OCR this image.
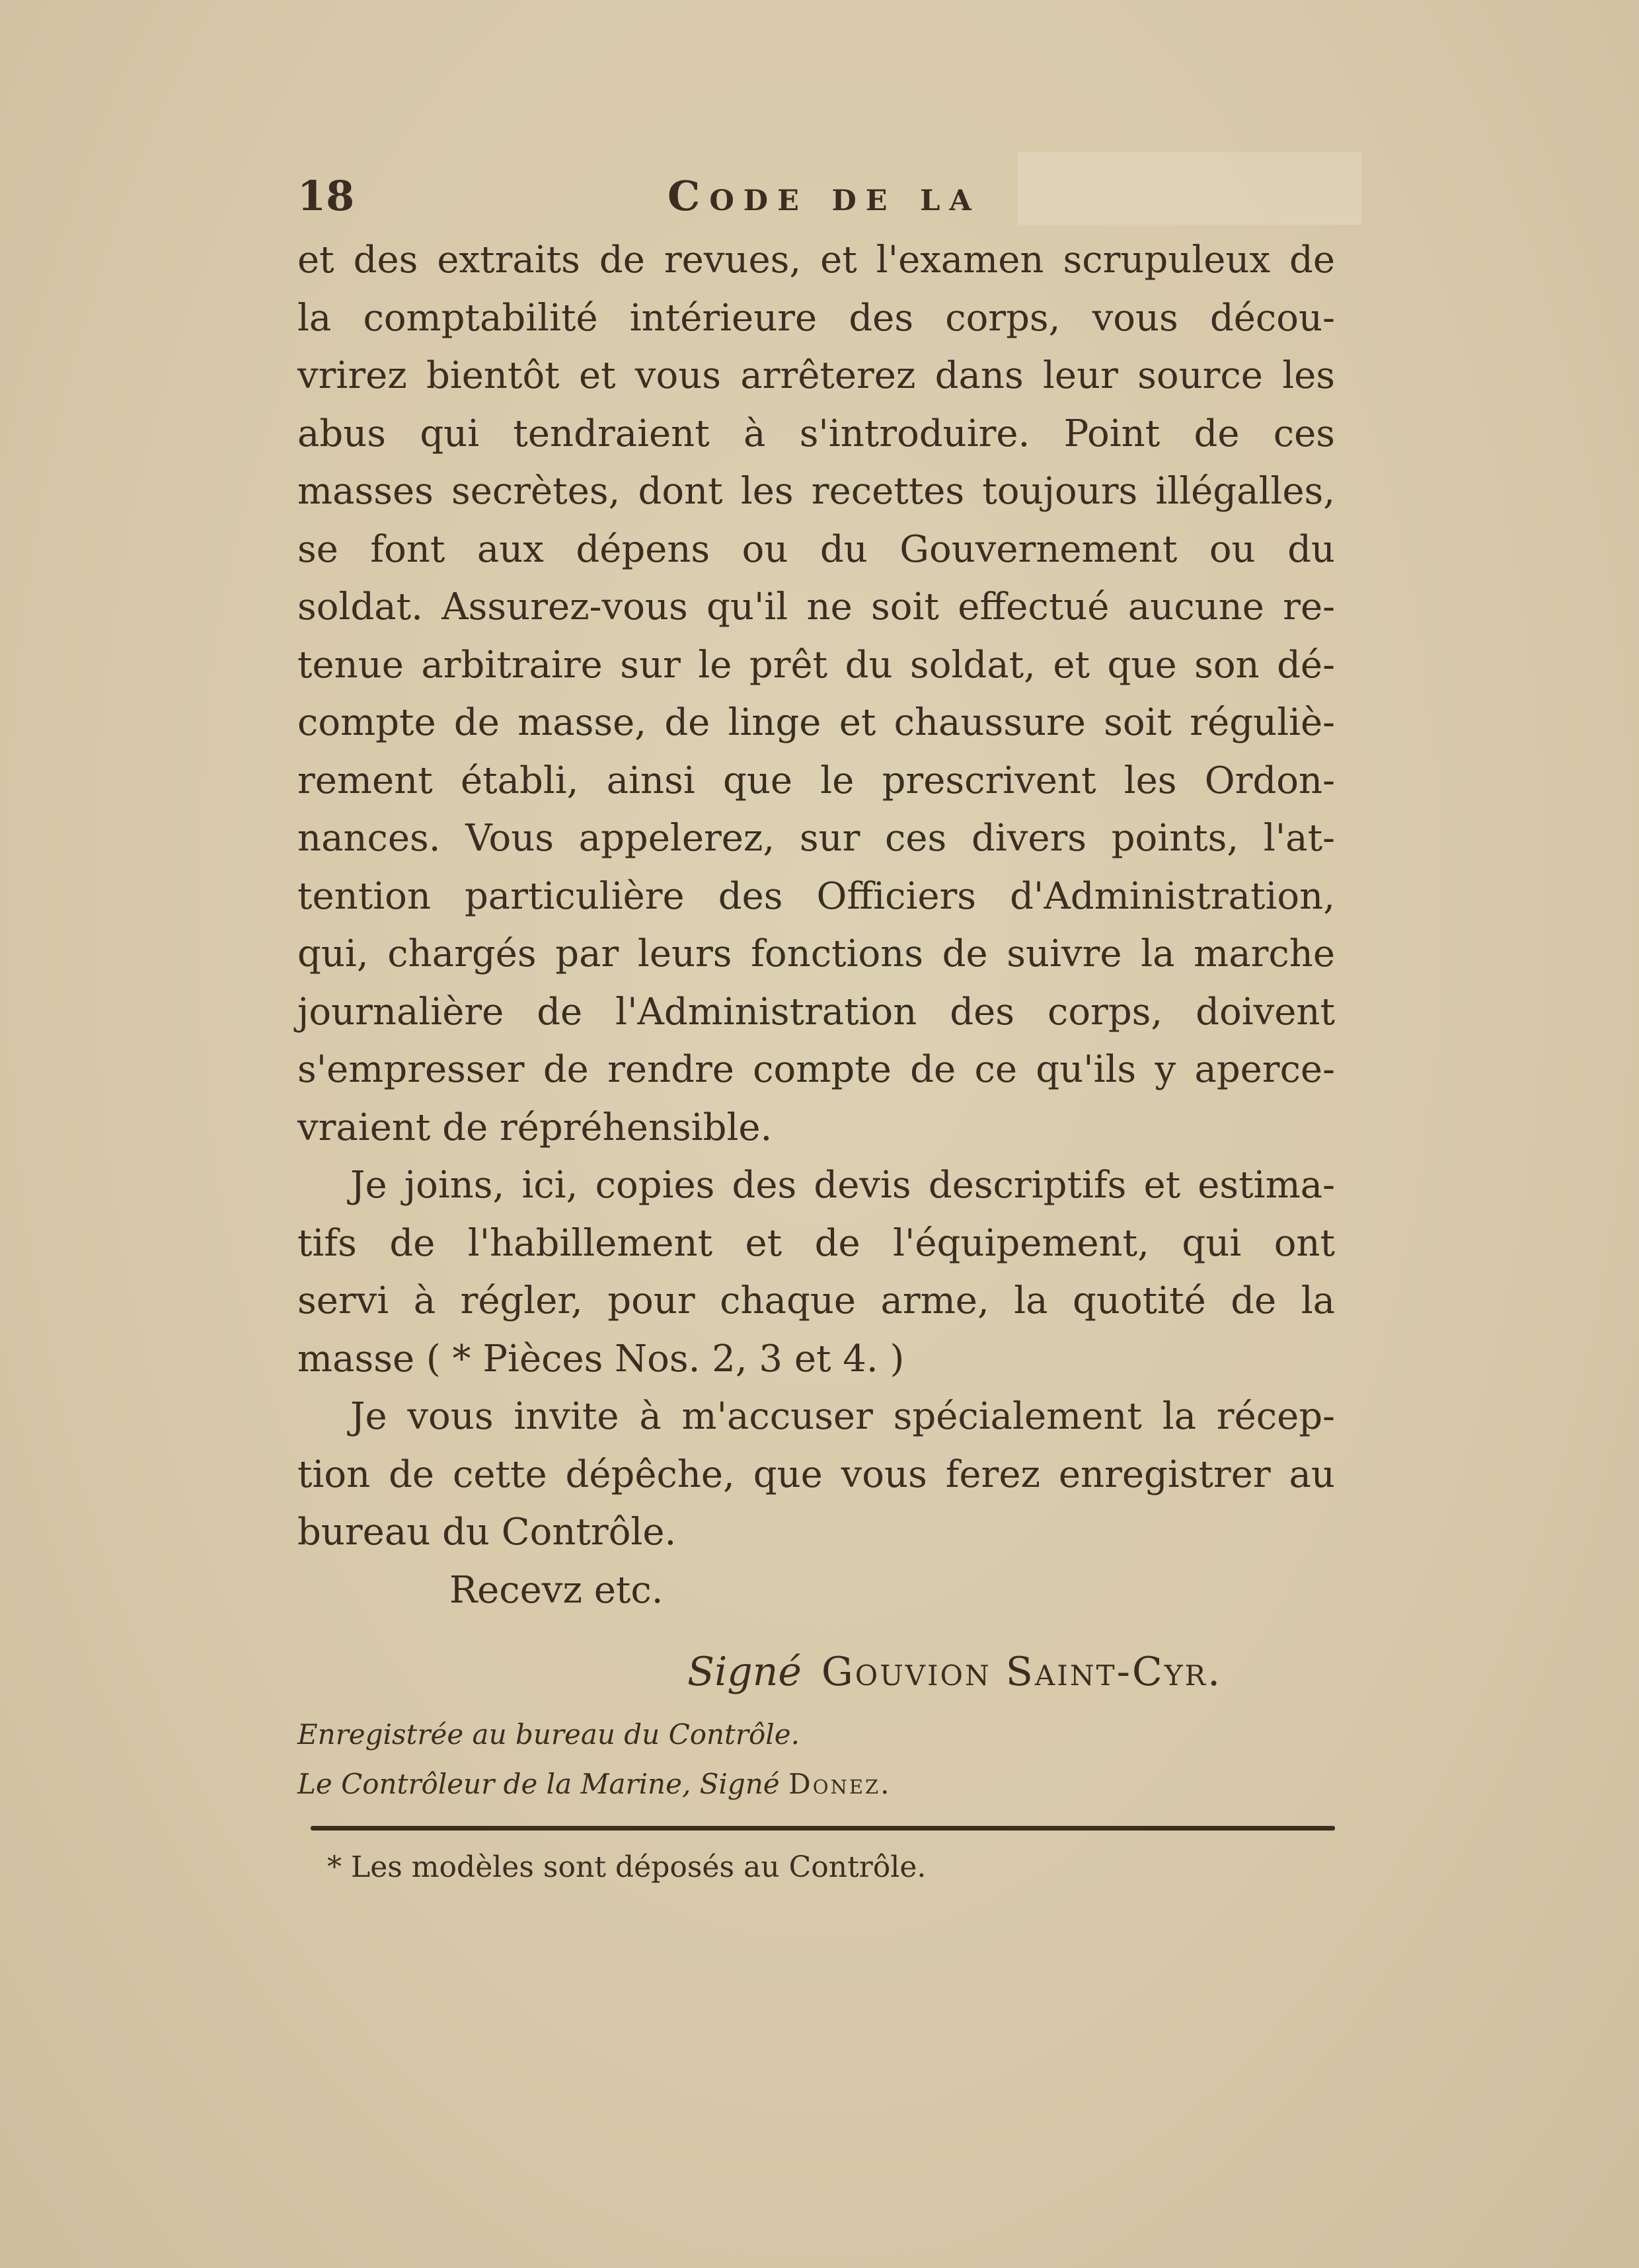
18	Code de la
et des extraits de revues, et l'examen scrupuleux de
la comptabilité intérieure des corps, vous décou-
vrirez bientôt et vous arrêterez dans leur source les
abus qui tendraient à s'introduire. Point de ces
masses secrètes, dont les recettes toujours illégalles,
se font aux dépens ou du Gouvernement ou du
soldat. Assurez-vous qu'il ne soit effectué aucune re-
tenue arbitraire sur le prêt du soldat, et que son dé-
compte de masse, de linge et chaussure soit réguliè-
rement établi, ainsi que le prescrivent les Ordon-
nances. Vous appelerez, sur ces divers points, l'at-
tention particulière des Officiers d'Administration,
qui, chargés par leurs fonctions de suivre la marche
journalière de l'Administration des corps, doivent
s'empresser de rendre compte de ce qu'ils y aperce-
vraient de répréhensible.
Je joins, ici, copies des devis descriptifs et estima-
tifs de l'habillement et de l'équipement, qui ont
servi à régler, pour chaque arme, la quotité de la
masse ( * Pièces Nos. 2, 3 et 4. )
Je vous invite à m'accuser spécialement la récep-
tion de cette dépêche, que vous ferez enregistrer au
bureau du Contrôle.
Recevz etc.
Signé Gouvion Saint-Cyr.
Enregistrée au bureau du Contrôle.
Le Contrôleur de la Marine, Signé Donez.
* Les modèles sont déposés au Contrôle.
